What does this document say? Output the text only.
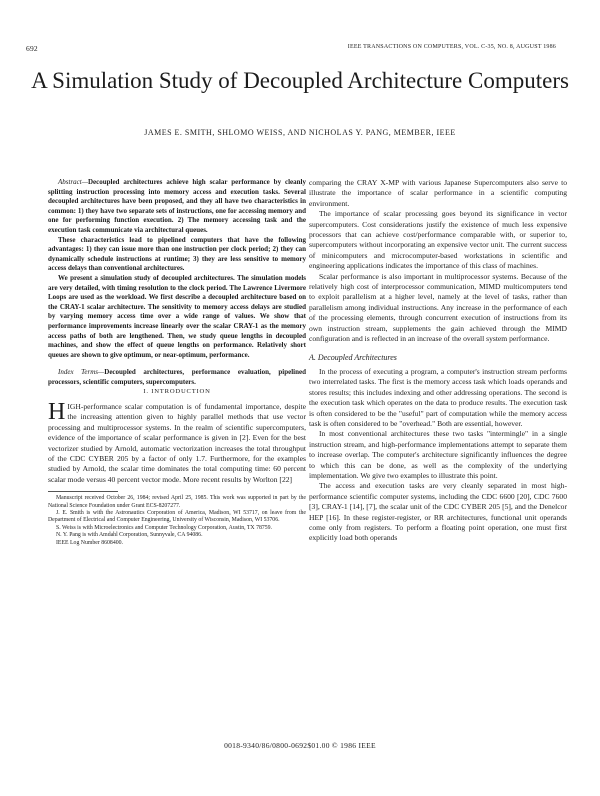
692	IEEE TRANSACTIONS ON COMPUTERS, VOL. C-35, NO. 8, AUGUST 1986
A Simulation Study of Decoupled Architecture Computers
JAMES E. SMITH, SHLOMO WEISS, AND NICHOLAS Y. PANG, MEMBER, IEEE

Abstract—Decoupled architectures achieve high scalar performance by cleanly splitting instruction processing into memory access and execution tasks. Several decoupled architectures have been proposed, and they all have two characteristics in common: 1) they have two separate sets of instructions, one for accessing memory and one for performing function execution. 2) The memory accessing task and the execution task communicate via architectural queues.

These characteristics lead to pipelined computers that have the following advantages: 1) they can issue more than one instruction per clock period; 2) they can dynamically schedule instructions at runtime; 3) they are less sensitive to memory access delays than conventional architectures.

We present a simulation study of decoupled architectures. The simulation models are very detailed, with timing resolution to the clock period. The Lawrence Livermore Loops are used as the workload. We first describe a decoupled architecture based on the CRAY-1 scalar architecture. The sensitivity to memory access delays are studied by varying memory access time over a wide range of values. We show that performance improvements increase linearly over the scalar CRAY-1 as the memory access paths of both are lengthened. Then, we study queue lengths in decoupled machines, and show the effect of queue lengths on performance. Relatively short queues are shown to give optimum, or near-optimum, performance.

Index Terms—Decoupled architectures, performance evaluation, pipelined processors, scientific computers, supercomputers.

I. INTRODUCTION

HIGH-performance scalar computation is of fundamental importance, despite the increasing attention given to highly parallel methods that use vector processing and multiprocessor systems. In the realm of scientific supercomputers, evidence of the importance of scalar performance is given in [2]. Even for the best vectorizer studied by Arnold, automatic vectorization increases the total throughput of the CDC CYBER 205 by a factor of only 1.7. Furthermore, for the examples studied by Arnold, the scalar time dominates the total computing time: 60 percent scalar mode versus 40 percent vector mode. More recent results by Worlton [22]

Manuscript received October 26, 1984; revised April 25, 1985. This work was supported in part by the National Science Foundation under Grant ECS-8207277.

J. E. Smith is with the Astronautics Corporation of America, Madison, WI 53717, on leave from the Department of Electrical and Computer Engineering, University of Wisconsin, Madison, WI 53706.

S. Weiss is with Microelectronics and Computer Technology Corporation, Austin, TX 78759.

N. Y. Pang is with Amdahl Corporation, Sunnyvale, CA 94086.

IEEE Log Number 8608400.

comparing the CRAY X-MP with various Japanese Supercomputers also serve to illustrate the importance of scalar performance in a scientific computing environment.

The importance of scalar processing goes beyond its significance in vector supercomputers. Cost considerations justify the existence of much less expensive processors that can achieve cost/performance comparable with, or superior to, supercomputers without incorporating an expensive vector unit. The current success of minicomputers and microcomputer-based workstations in scientific and engineering applications indicates the importance of this class of machines.

Scalar performance is also important in multiprocessor systems. Because of the relatively high cost of interprocessor communication, MIMD multicomputers tend to exploit parallelism at a higher level, namely at the level of tasks, rather than parallelism among individual instructions. Any increase in the performance of each of the processing elements, through concurrent execution of instructions from its own instruction stream, supplements the gain achieved through the MIMD configuration and is reflected in an increase of the overall system performance.

A. Decoupled Architectures

In the process of executing a program, a computer's instruction stream performs two interrelated tasks. The first is the memory access task which loads operands and stores results; this includes indexing and other addressing operations. The second is the execution task which operates on the data to produce results. The execution task is often considered to be the "useful" part of computation while the memory access task is often considered to be "overhead." Both are essential, however.

In most conventional architectures these two tasks "intermingle" in a single instruction stream, and high-performance implementations attempt to separate them to increase overlap. The computer's architecture significantly influences the degree to which this can be done, as well as the complexity of the underlying implementation. We give two examples to illustrate this point.

The access and execution tasks are very cleanly separated in most high-performance scientific computer systems, including the CDC 6600 [20], CDC 7600 [3], CRAY-1 [14], [7], the scalar unit of the CDC CYBER 205 [5], and the Denelcor HEP [16]. In these register-register, or RR architectures, functional unit operands come only from registers. To perform a floating point operation, one must first explicitly load both operands

0018-9340/86/0800-0692$01.00 © 1986 IEEE
